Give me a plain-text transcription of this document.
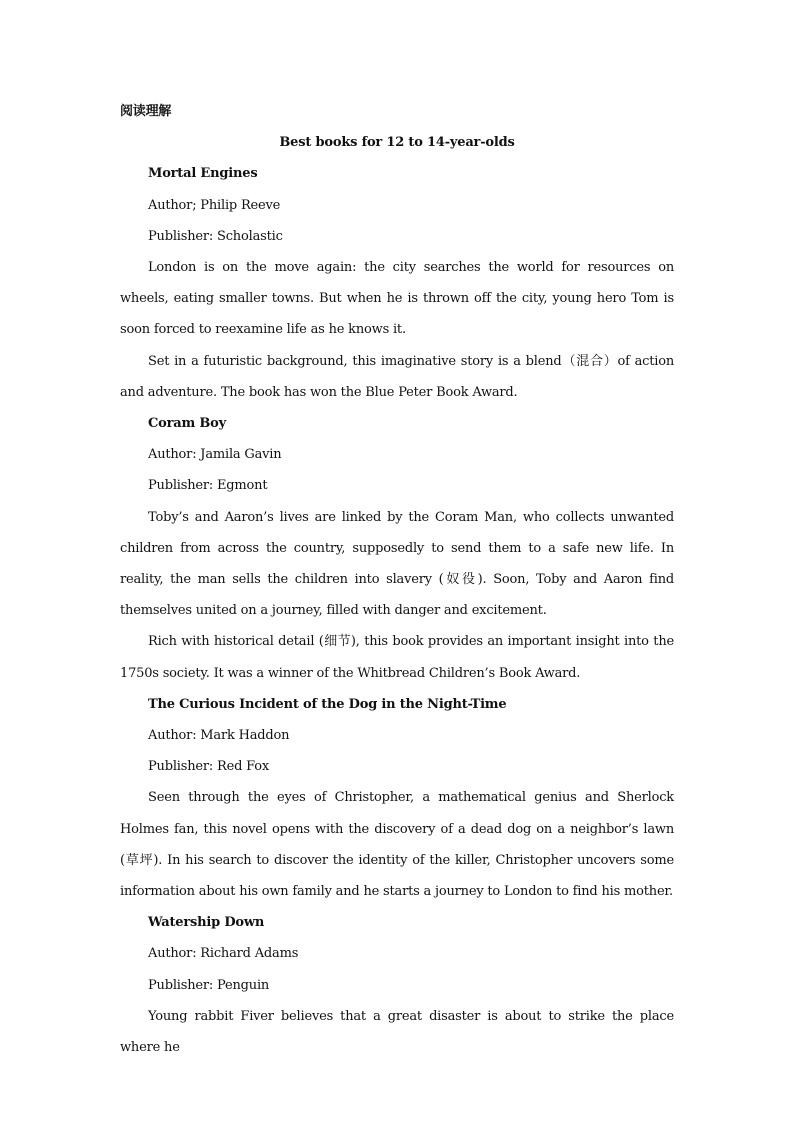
阅读理解

Best books for 12 to 14-year-olds

Mortal Engines

Author; Philip Reeve

Publisher: Scholastic

London is on the move again: the city searches the world for resources on wheels, eating smaller towns. But when he is thrown off the city, young hero Tom is soon forced to reexamine life as he knows it.

Set in a futuristic background, this imaginative story is a blend（混合）of action and adventure. The book has won the Blue Peter Book Award.

Coram Boy

Author: Jamila Gavin

Publisher: Egmont

Toby’s and Aaron’s lives are linked by the Coram Man, who collects unwanted children from across the country, supposedly to send them to a safe new life. In reality, the man sells the children into slavery (奴役). Soon, Toby and Aaron find themselves united on a journey, filled with danger and excitement.

Rich with historical detail (细节), this book provides an important insight into the 1750s society. It was a winner of the Whitbread Children’s Book Award.

The Curious Incident of the Dog in the Night-Time

Author: Mark Haddon

Publisher: Red Fox

Seen through the eyes of Christopher, a mathematical genius and Sherlock Holmes fan, this novel opens with the discovery of a dead dog on a neighbor’s lawn (草坪). In his search to discover the identity of the killer, Christopher uncovers some information about his own family and he starts a journey to London to find his mother.

Watership Down

Author: Richard Adams

Publisher: Penguin

Young rabbit Fiver believes that a great disaster is about to strike the place where he
